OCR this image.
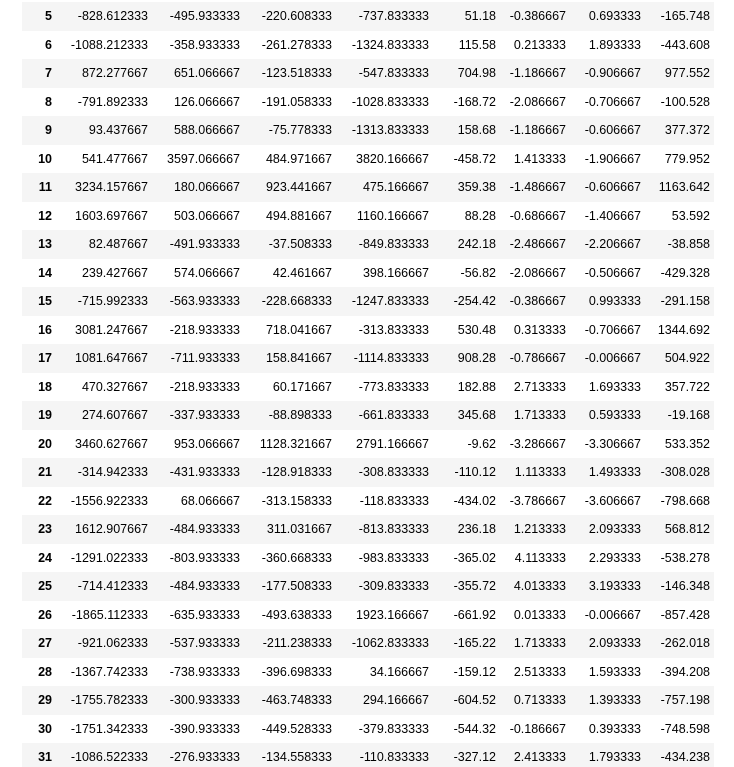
5	-828.612333	-495.933333	-220.608333	-737.833333	51.18	-0.386667	0.693333	-165.748
6	-1088.212333	-358.933333	-261.278333	-1324.833333	115.58	0.213333	1.893333	-443.608
7	872.277667	651.066667	-123.518333	-547.833333	704.98	-1.186667	-0.906667	977.552
8	-791.892333	126.066667	-191.058333	-1028.833333	-168.72	-2.086667	-0.706667	-100.528
9	93.437667	588.066667	-75.778333	-1313.833333	158.68	-1.186667	-0.606667	377.372
10	541.477667	3597.066667	484.971667	3820.166667	-458.72	1.413333	-1.906667	779.952
11	3234.157667	180.066667	923.441667	475.166667	359.38	-1.486667	-0.606667	1163.642
12	1603.697667	503.066667	494.881667	1160.166667	88.28	-0.686667	-1.406667	53.592
13	82.487667	-491.933333	-37.508333	-849.833333	242.18	-2.486667	-2.206667	-38.858
14	239.427667	574.066667	42.461667	398.166667	-56.82	-2.086667	-0.506667	-429.328
15	-715.992333	-563.933333	-228.668333	-1247.833333	-254.42	-0.386667	0.993333	-291.158
16	3081.247667	-218.933333	718.041667	-313.833333	530.48	0.313333	-0.706667	1344.692
17	1081.647667	-711.933333	158.841667	-1114.833333	908.28	-0.786667	-0.006667	504.922
18	470.327667	-218.933333	60.171667	-773.833333	182.88	2.713333	1.693333	357.722
19	274.607667	-337.933333	-88.898333	-661.833333	345.68	1.713333	0.593333	-19.168
20	3460.627667	953.066667	1128.321667	2791.166667	-9.62	-3.286667	-3.306667	533.352
21	-314.942333	-431.933333	-128.918333	-308.833333	-110.12	1.113333	1.493333	-308.028
22	-1556.922333	68.066667	-313.158333	-118.833333	-434.02	-3.786667	-3.606667	-798.668
23	1612.907667	-484.933333	311.031667	-813.833333	236.18	1.213333	2.093333	568.812
24	-1291.022333	-803.933333	-360.668333	-983.833333	-365.02	4.113333	2.293333	-538.278
25	-714.412333	-484.933333	-177.508333	-309.833333	-355.72	4.013333	3.193333	-146.348
26	-1865.112333	-635.933333	-493.638333	1923.166667	-661.92	0.013333	-0.006667	-857.428
27	-921.062333	-537.933333	-211.238333	-1062.833333	-165.22	1.713333	2.093333	-262.018
28	-1367.742333	-738.933333	-396.698333	34.166667	-159.12	2.513333	1.593333	-394.208
29	-1755.782333	-300.933333	-463.748333	294.166667	-604.52	0.713333	1.393333	-757.198
30	-1751.342333	-390.933333	-449.528333	-379.833333	-544.32	-0.186667	0.393333	-748.598
31	-1086.522333	-276.933333	-134.558333	-110.833333	-327.12	2.413333	1.793333	-434.238
